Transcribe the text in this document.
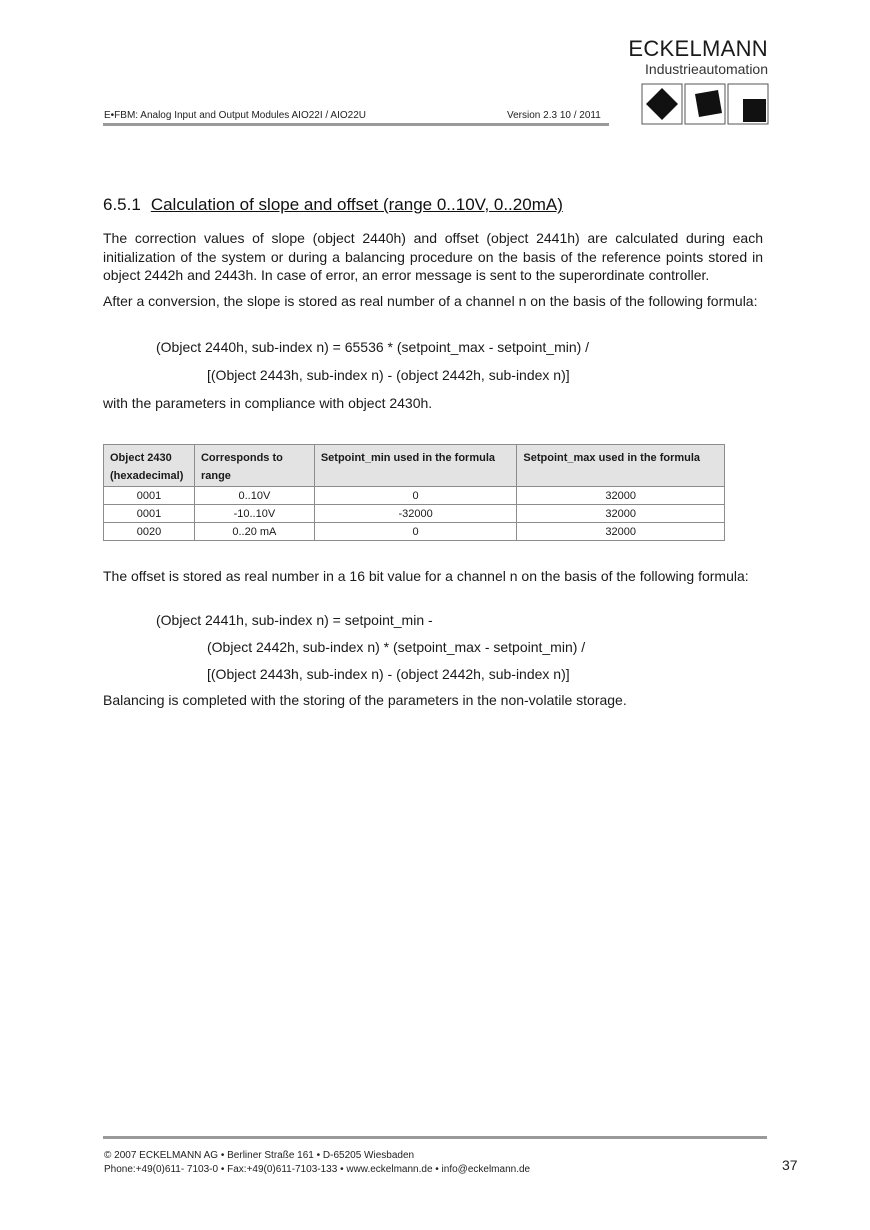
E•FBM: Analog Input and Output Modules AIO22I / AIO22U	Version 2.3 10 / 2011
ECKELMANN
Industrieautomation
6.5.1 Calculation of slope and offset (range 0..10V, 0..20mA)
The correction values of slope (object 2440h) and offset (object 2441h) are calculated during each initialization of the system or during a balancing procedure on the basis of the reference points stored in object 2442h and 2443h. In case of error, an error message is sent to the superordinate controller.
After a conversion, the slope is stored as real number of a channel n on the basis of the following formula:
(Object 2440h, sub-index n) = 65536 * (setpoint_max - setpoint_min) /
[(Object 2443h, sub-index n) - (object 2442h, sub-index n)]
with the parameters in compliance with object 2430h.
Object 2430 (hexadecimal)	Corresponds to range	Setpoint_min used in the formula	Setpoint_max used in the formula
0001	0..10V	0	32000
0001	-10..10V	-32000	32000
0020	0..20 mA	0	32000
The offset is stored as real number in a 16 bit value for a channel n on the basis of the following formula:
(Object 2441h, sub-index n) = setpoint_min -
(Object 2442h, sub-index n) * (setpoint_max - setpoint_min) /
[(Object 2443h, sub-index n) - (object 2442h, sub-index n)]
Balancing is completed with the storing of the parameters in the non-volatile storage.
© 2007 ECKELMANN AG • Berliner Straße 161 • D-65205 Wiesbaden
Phone:+49(0)611- 7103-0 • Fax:+49(0)611-7103-133 • www.eckelmann.de • info@eckelmann.de	37
